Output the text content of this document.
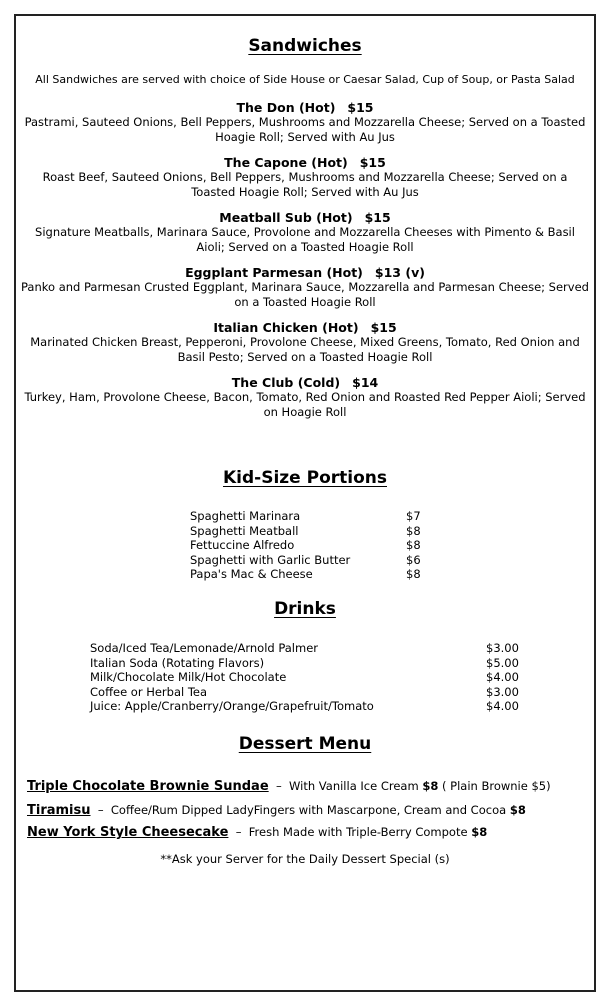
Sandwiches

All Sandwiches are served with choice of Side House or Caesar Salad, Cup of Soup, or Pasta Salad

The Don (Hot) $15
Pastrami, Sauteed Onions, Bell Peppers, Mushrooms and Mozzarella Cheese; Served on a Toasted Hoagie Roll; Served with Au Jus
The Capone (Hot) $15
Roast Beef, Sauteed Onions, Bell Peppers, Mushrooms and Mozzarella Cheese; Served on a Toasted Hoagie Roll; Served with Au Jus
Meatball Sub (Hot) $15
Signature Meatballs, Marinara Sauce, Provolone and Mozzarella Cheeses with Pimento & Basil Aioli; Served on a Toasted Hoagie Roll
Eggplant Parmesan (Hot) $13 (v)
Panko and Parmesan Crusted Eggplant, Marinara Sauce, Mozzarella and Parmesan Cheese; Served on a Toasted Hoagie Roll
Italian Chicken (Hot) $15
Marinated Chicken Breast, Pepperoni, Provolone Cheese, Mixed Greens, Tomato, Red Onion and Basil Pesto; Served on a Toasted Hoagie Roll
The Club (Cold) $14
Turkey, Ham, Provolone Cheese, Bacon, Tomato, Red Onion and Roasted Red Pepper Aioli; Served on Hoagie Roll

Kid-Size Portions

Spaghetti Marinara	$7
Spaghetti Meatball	$8
Fettuccine Alfredo	$8
Spaghetti with Garlic Butter	$6
Papa's Mac & Cheese	$8

Drinks

Soda/Iced Tea/Lemonade/Arnold Palmer	$3.00
Italian Soda (Rotating Flavors)	$5.00
Milk/Chocolate Milk/Hot Chocolate	$4.00
Coffee or Herbal Tea	$3.00
Juice: Apple/Cranberry/Orange/Grapefruit/Tomato	$4.00

Dessert Menu

Triple Chocolate Brownie Sundae – With Vanilla Ice Cream $8 ( Plain Brownie $5)

Tiramisu – Coffee/Rum Dipped LadyFingers with Mascarpone, Cream and Cocoa $8

New York Style Cheesecake – Fresh Made with Triple-Berry Compote $8

**Ask your Server for the Daily Dessert Special (s)
